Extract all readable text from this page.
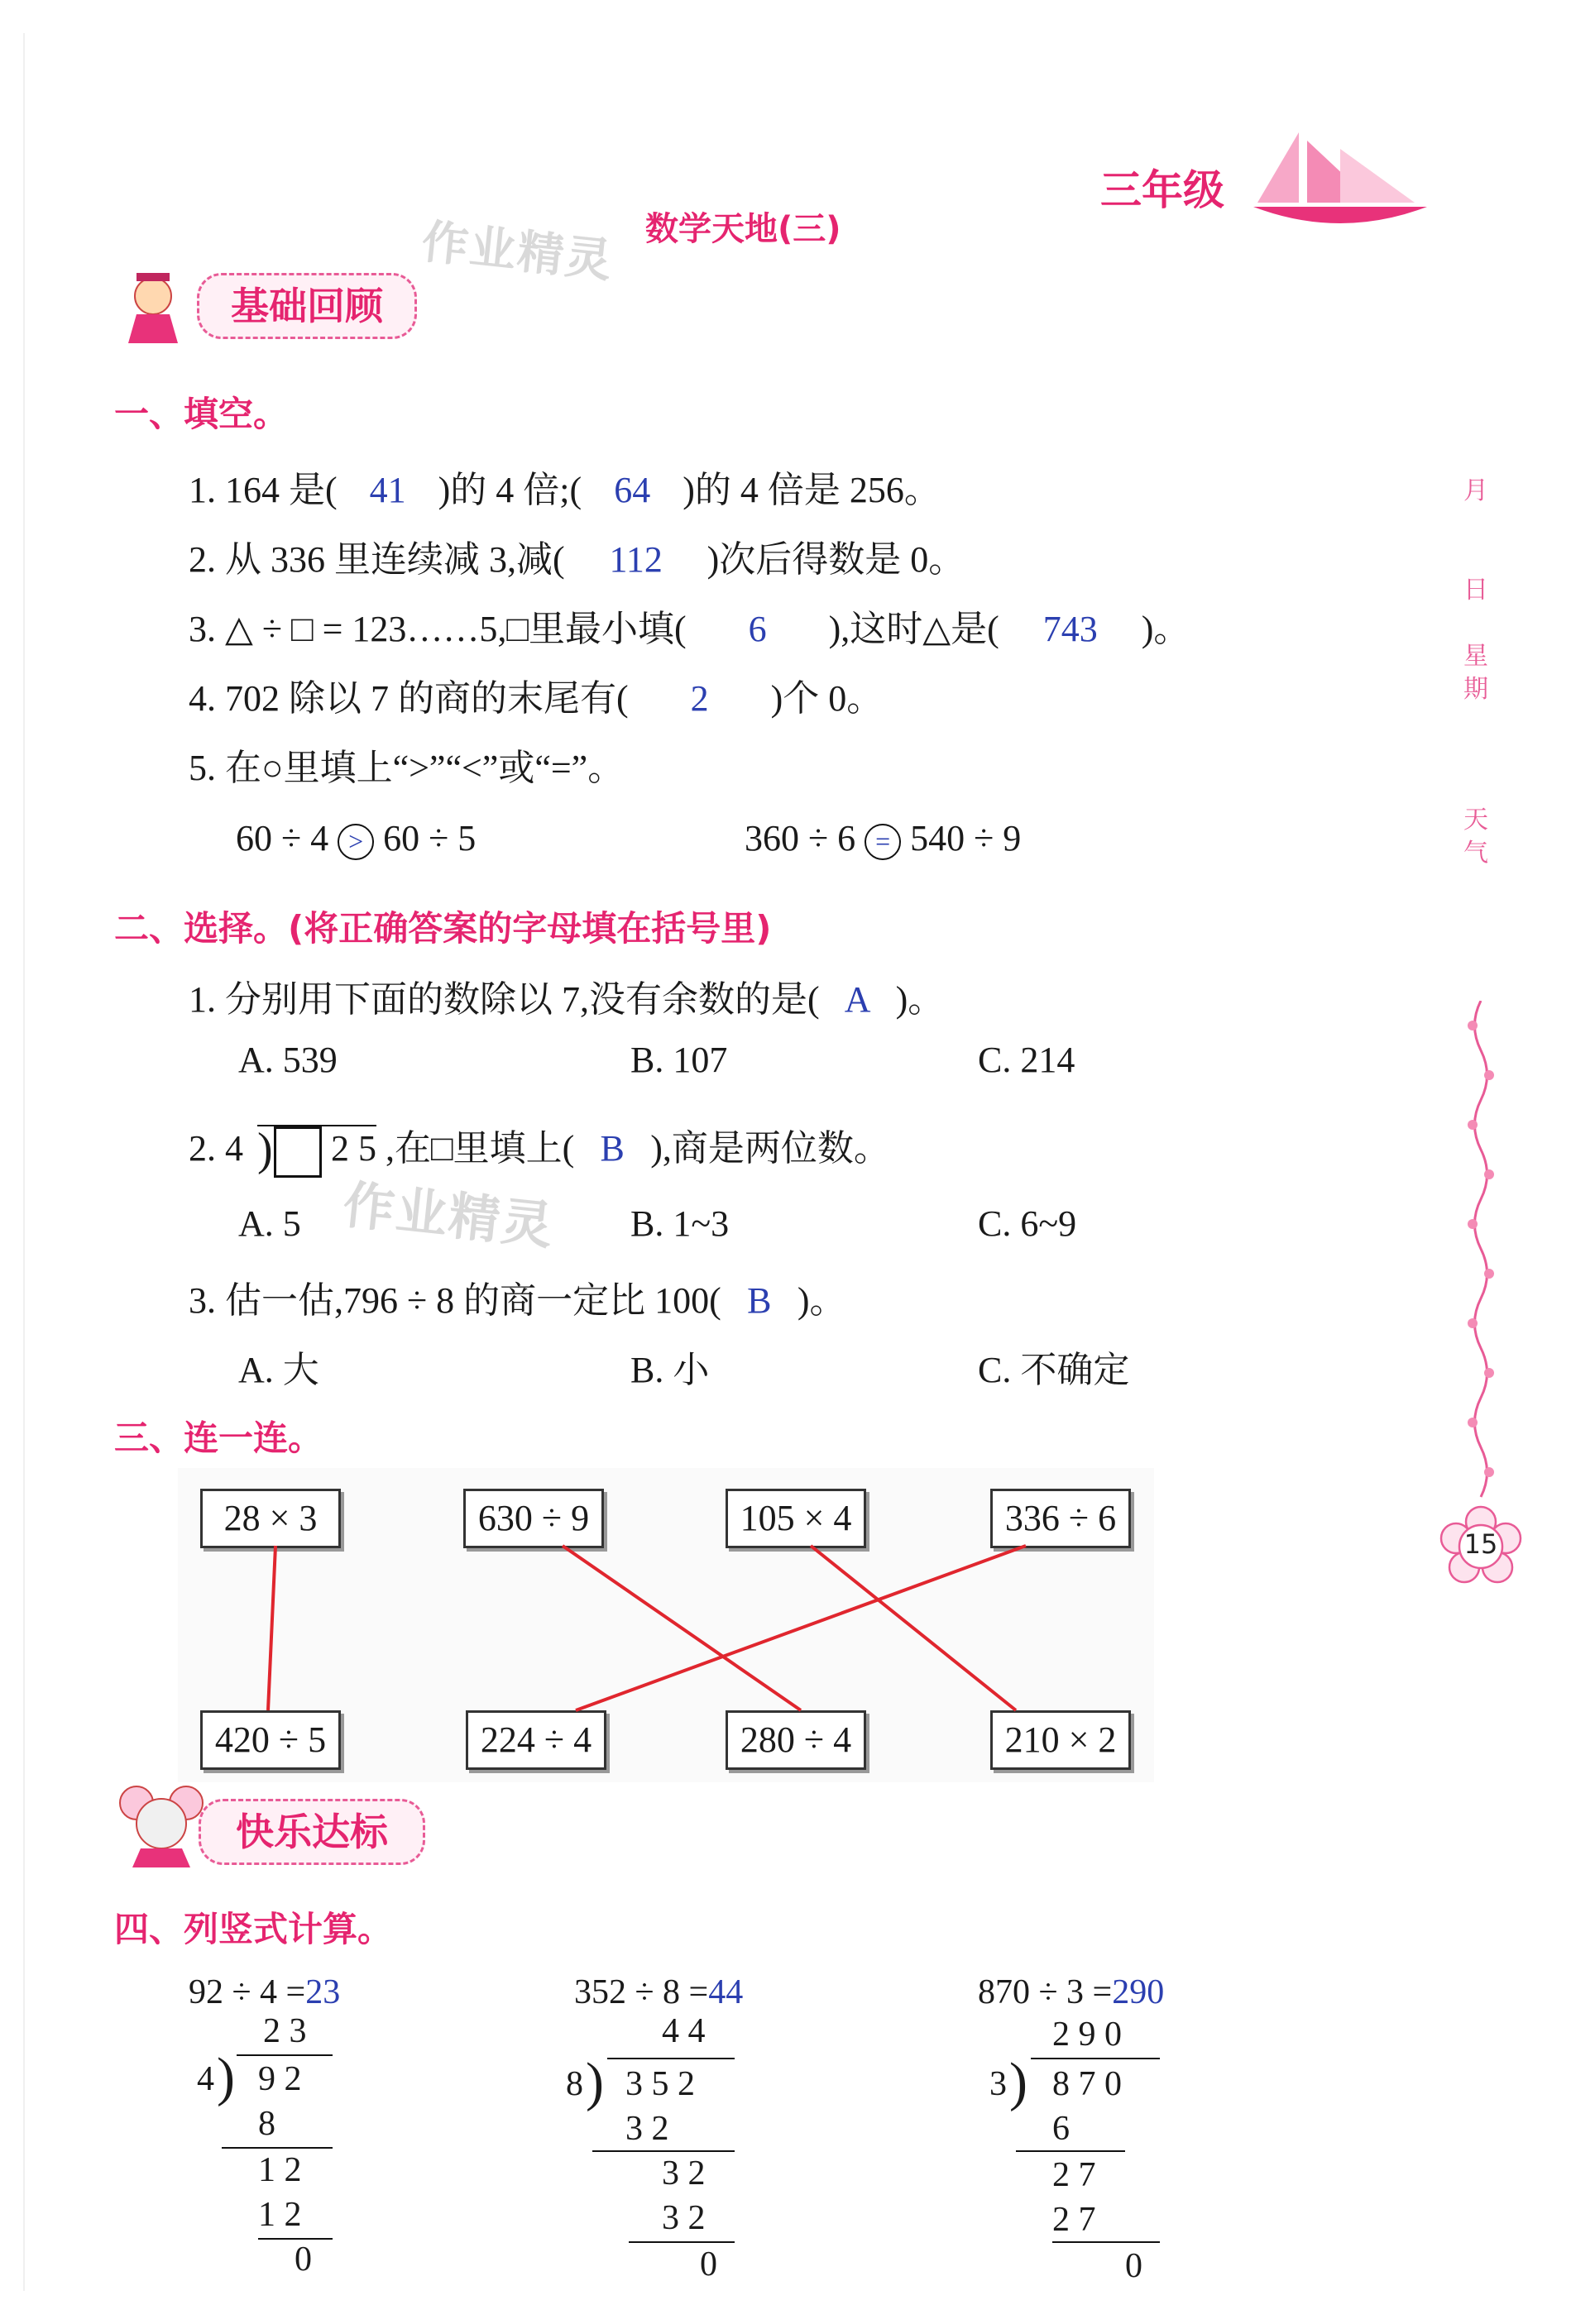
三年级
数学天地(三)
作业精灵
基础回顾
一、填空。
1. 164 是( 41 )的 4 倍;( 64 )的 4 倍是 256。
2. 从 336 里连续减 3,减( 112 )次后得数是 0。
3. △ ÷ □ = 123……5,□里最小填( 6 ),这时△是( 743 )。
4. 702 除以 7 的商的末尾有( 2 )个 0。
5. 在○里填上“>”“<”或“=”。
60 ÷ 4 > 60 ÷ 5	360 ÷ 6 = 540 ÷ 9
二、选择。(将正确答案的字母填在括号里)
1. 分别用下面的数除以 7,没有余数的是( A )。
A. 539	B. 107	C. 214
2. 4 ) 2 5 ,在□里填上( B ),商是两位数。
A. 5	B. 1~3	C. 6~9
作业精灵
3. 估一估,796 ÷ 8 的商一定比 100( B )。
A. 大	B. 小	C. 不确定
三、连一连。
28 × 3	630 ÷ 9	105 × 4	336 ÷ 6
420 ÷ 5	224 ÷ 4	280 ÷ 4	210 × 2
快乐达标
四、列竖式计算。
92 ÷ 4 =23
2 3
4 ) 9 2
8
1 2
1 2
0
352 ÷ 8 =44
4 4
8 ) 3 5 2
3 2
3 2
3 2
0
870 ÷ 3 =290
2 9 0
3 ) 8 7 0
6
2 7
2 7
0
月
日
星
期
天
气
15
